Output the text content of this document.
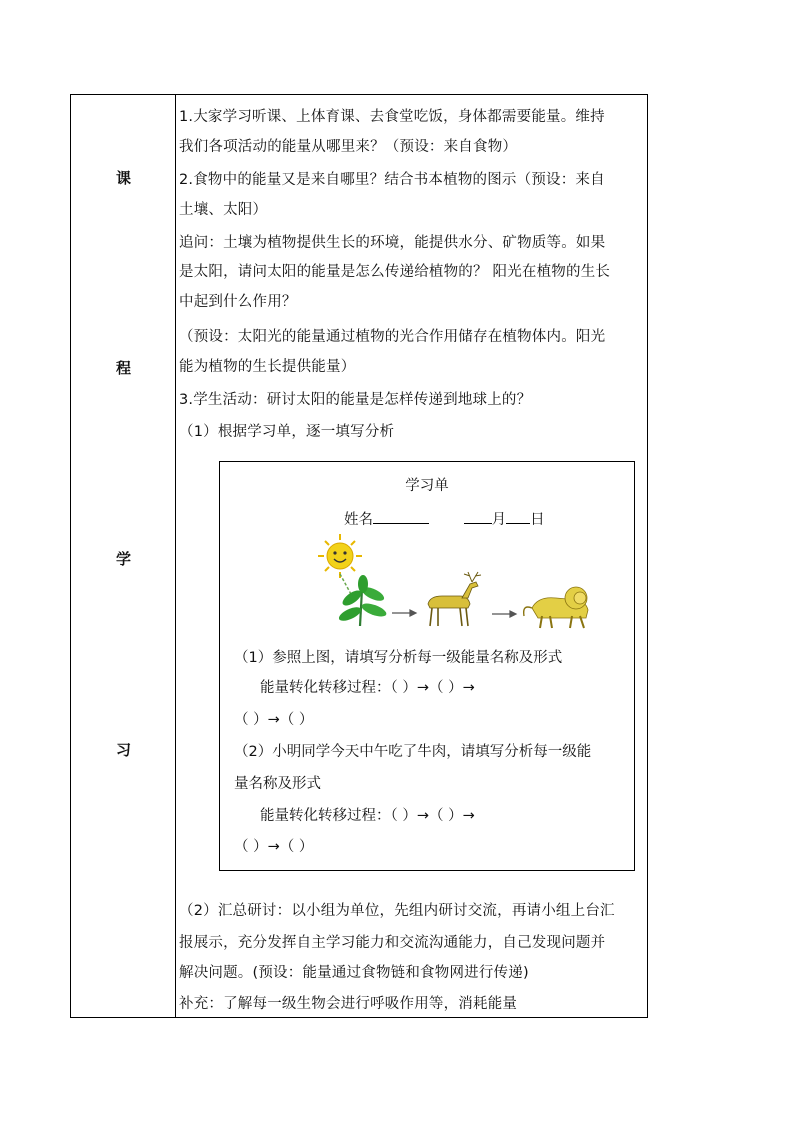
课
程
学
习
1.大家学习听课、上体育课、去食堂吃饭，身体都需要能量。维持
我们各项活动的能量从哪里来？（预设：来自食物）
2.食物中的能量又是来自哪里？结合书本植物的图示（预设：来自
土壤、太阳）
追问：土壤为植物提供生长的环境，能提供水分、矿物质等。如果
是太阳，请问太阳的能量是怎么传递给植物的？ 阳光在植物的生长
中起到什么作用？
（预设：太阳光的能量通过植物的光合作用储存在植物体内。阳光
能为植物的生长提供能量）
3.学生活动：研讨太阳的能量是怎样传递到地球上的？
（1）根据学习单，逐一填写分析
学习单
姓名	月 日
（1）参照上图，请填写分析每一级能量名称及形式
能量转化转移过程：（ ）→（ ）→
（ ）→（ ）
（2）小明同学今天中午吃了牛肉，请填写分析每一级能
量名称及形式
能量转化转移过程：（ ）→（ ）→
（ ）→（ ）
（2）汇总研讨：以小组为单位，先组内研讨交流，再请小组上台汇
报展示，充分发挥自主学习能力和交流沟通能力，自己发现问题并
解决问题。(预设：能量通过食物链和食物网进行传递)
补充：了解每一级生物会进行呼吸作用等，消耗能量
